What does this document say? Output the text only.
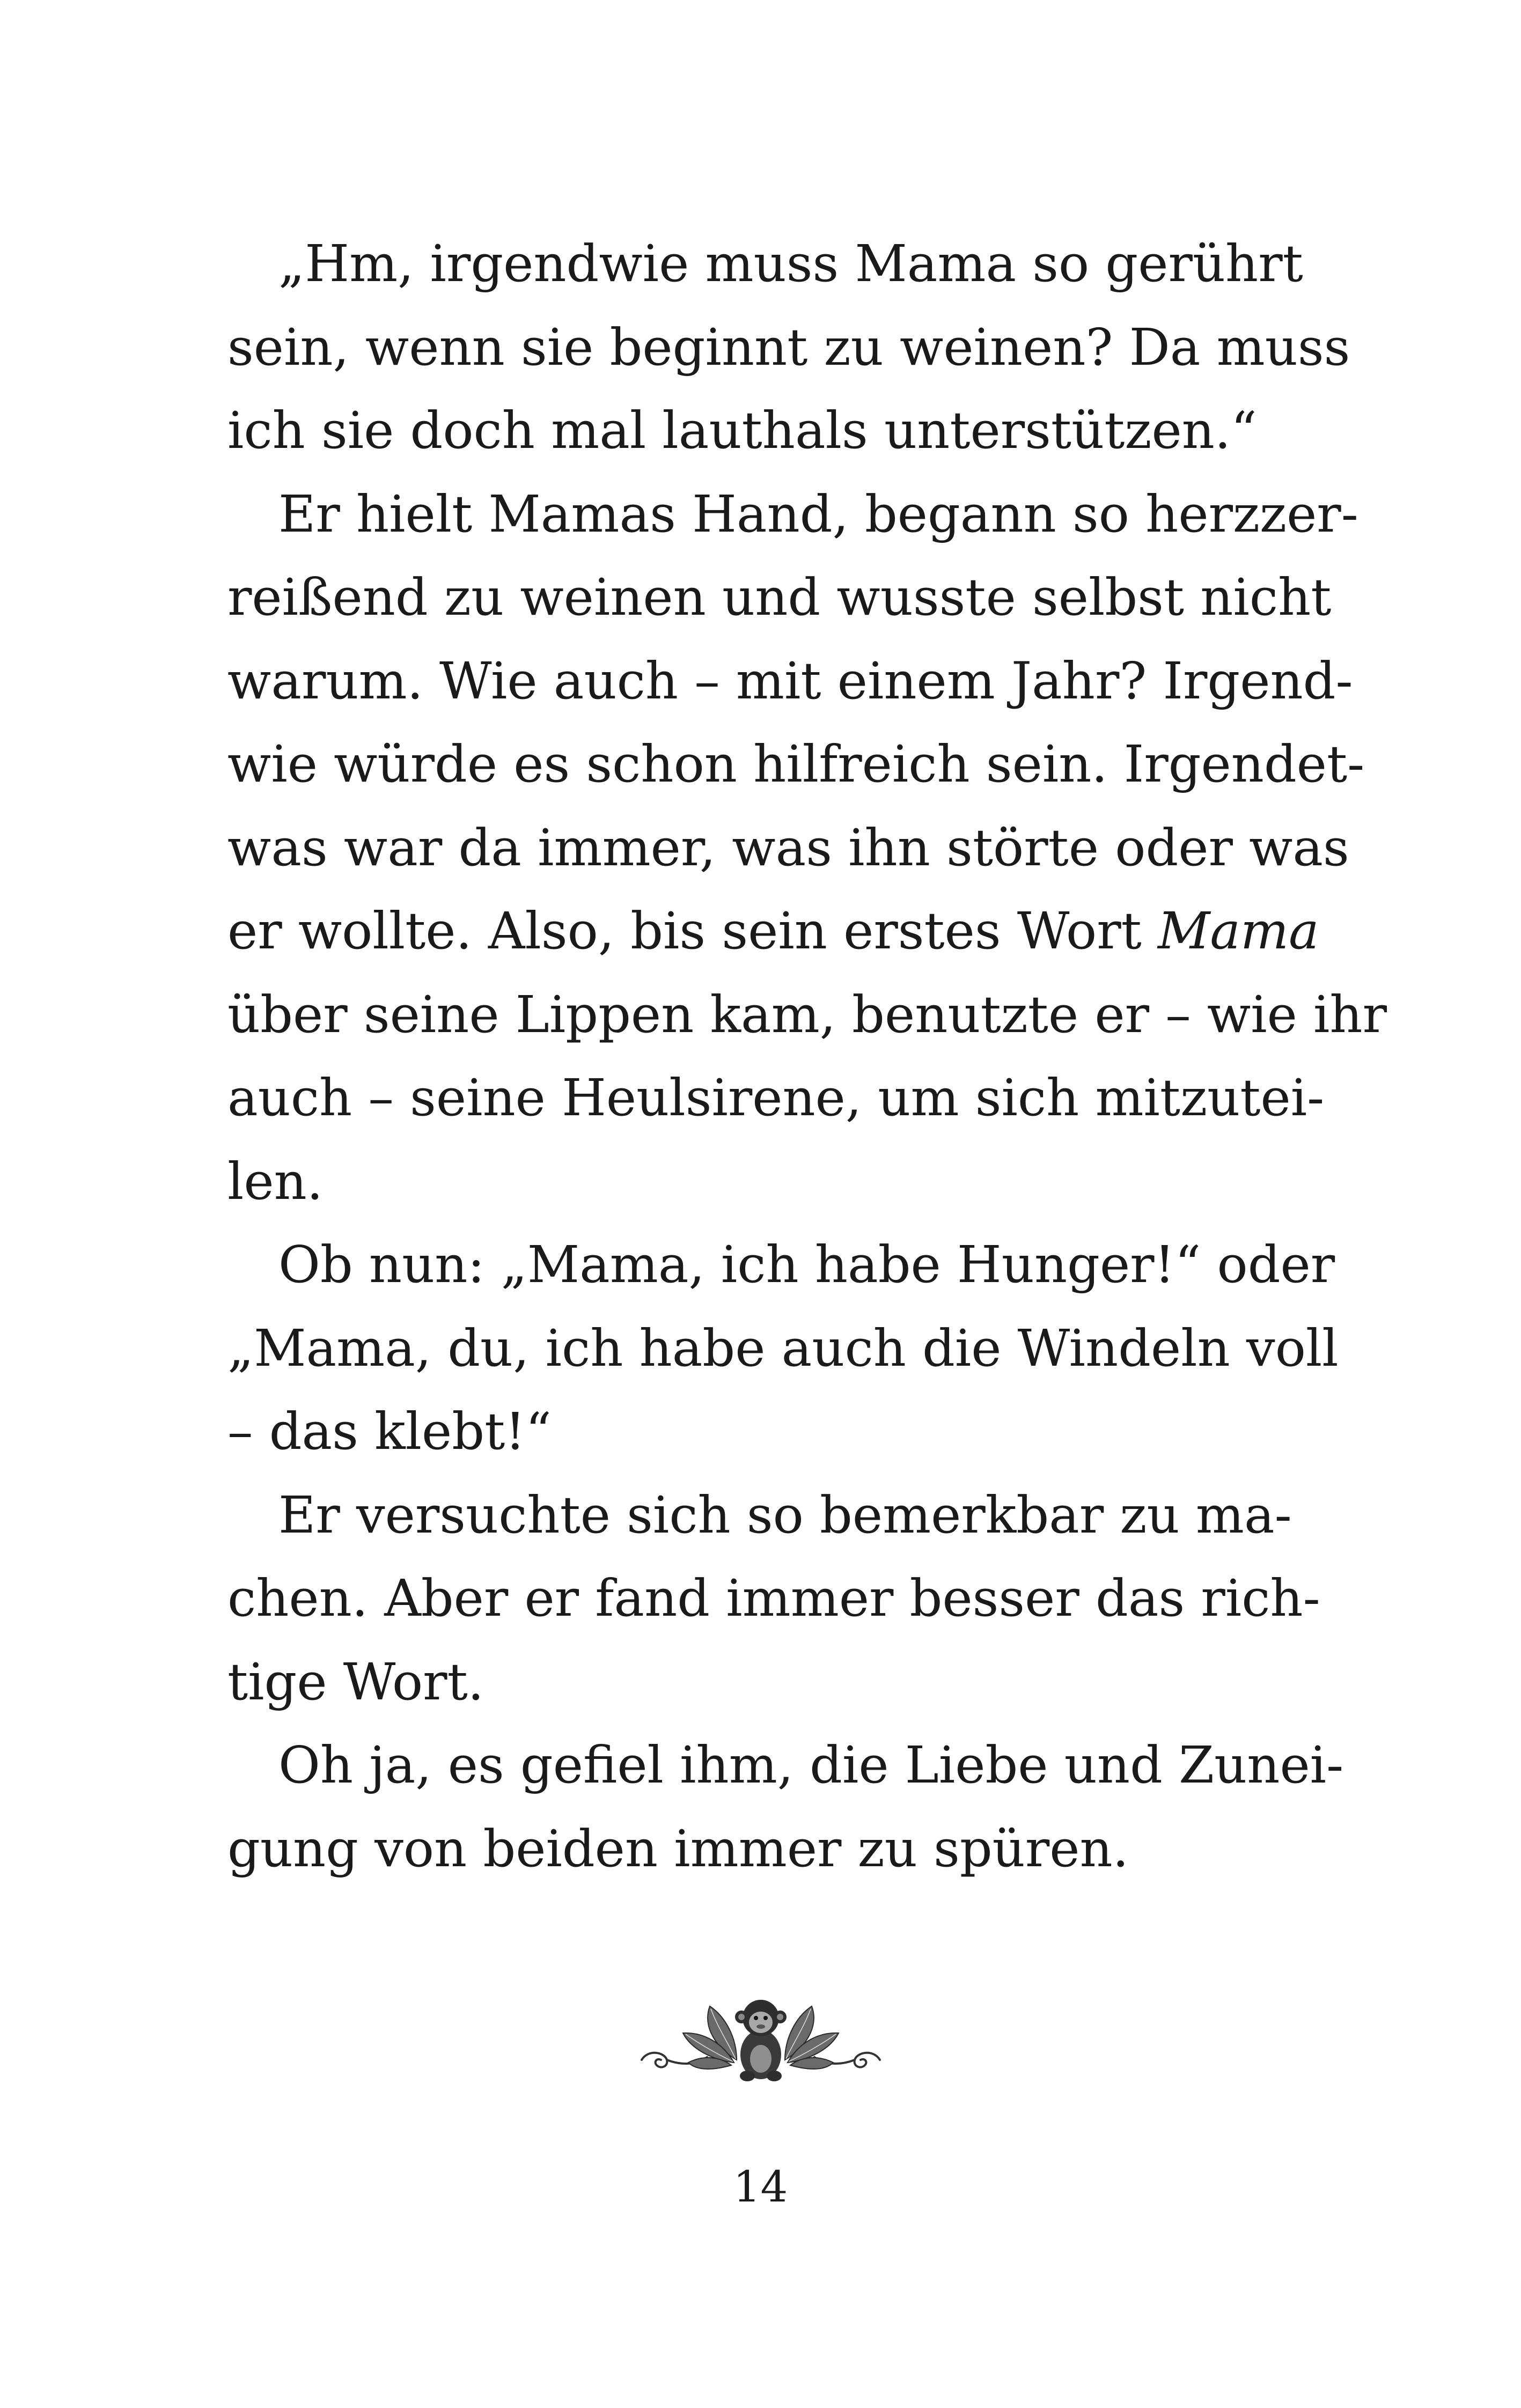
„Hm, irgendwie muss Mama so gerührt
sein, wenn sie beginnt zu weinen? Da muss
ich sie doch mal lauthals unterstützen.“
Er hielt Mamas Hand, begann so herzzer-
reißend zu weinen und wusste selbst nicht
warum. Wie auch – mit einem Jahr? Irgend-
wie würde es schon hilfreich sein. Irgendet-
was war da immer, was ihn störte oder was
er wollte. Also, bis sein erstes Wort Mama
über seine Lippen kam, benutzte er – wie ihr
auch – seine Heulsirene, um sich mitzutei-
len.
Ob nun: „Mama, ich habe Hunger!“ oder
„Mama, du, ich habe auch die Windeln voll
– das klebt!“
Er versuchte sich so bemerkbar zu ma-
chen. Aber er fand immer besser das rich-
tige Wort.
Oh ja, es gefiel ihm, die Liebe und Zunei-
gung von beiden immer zu spüren.
14
